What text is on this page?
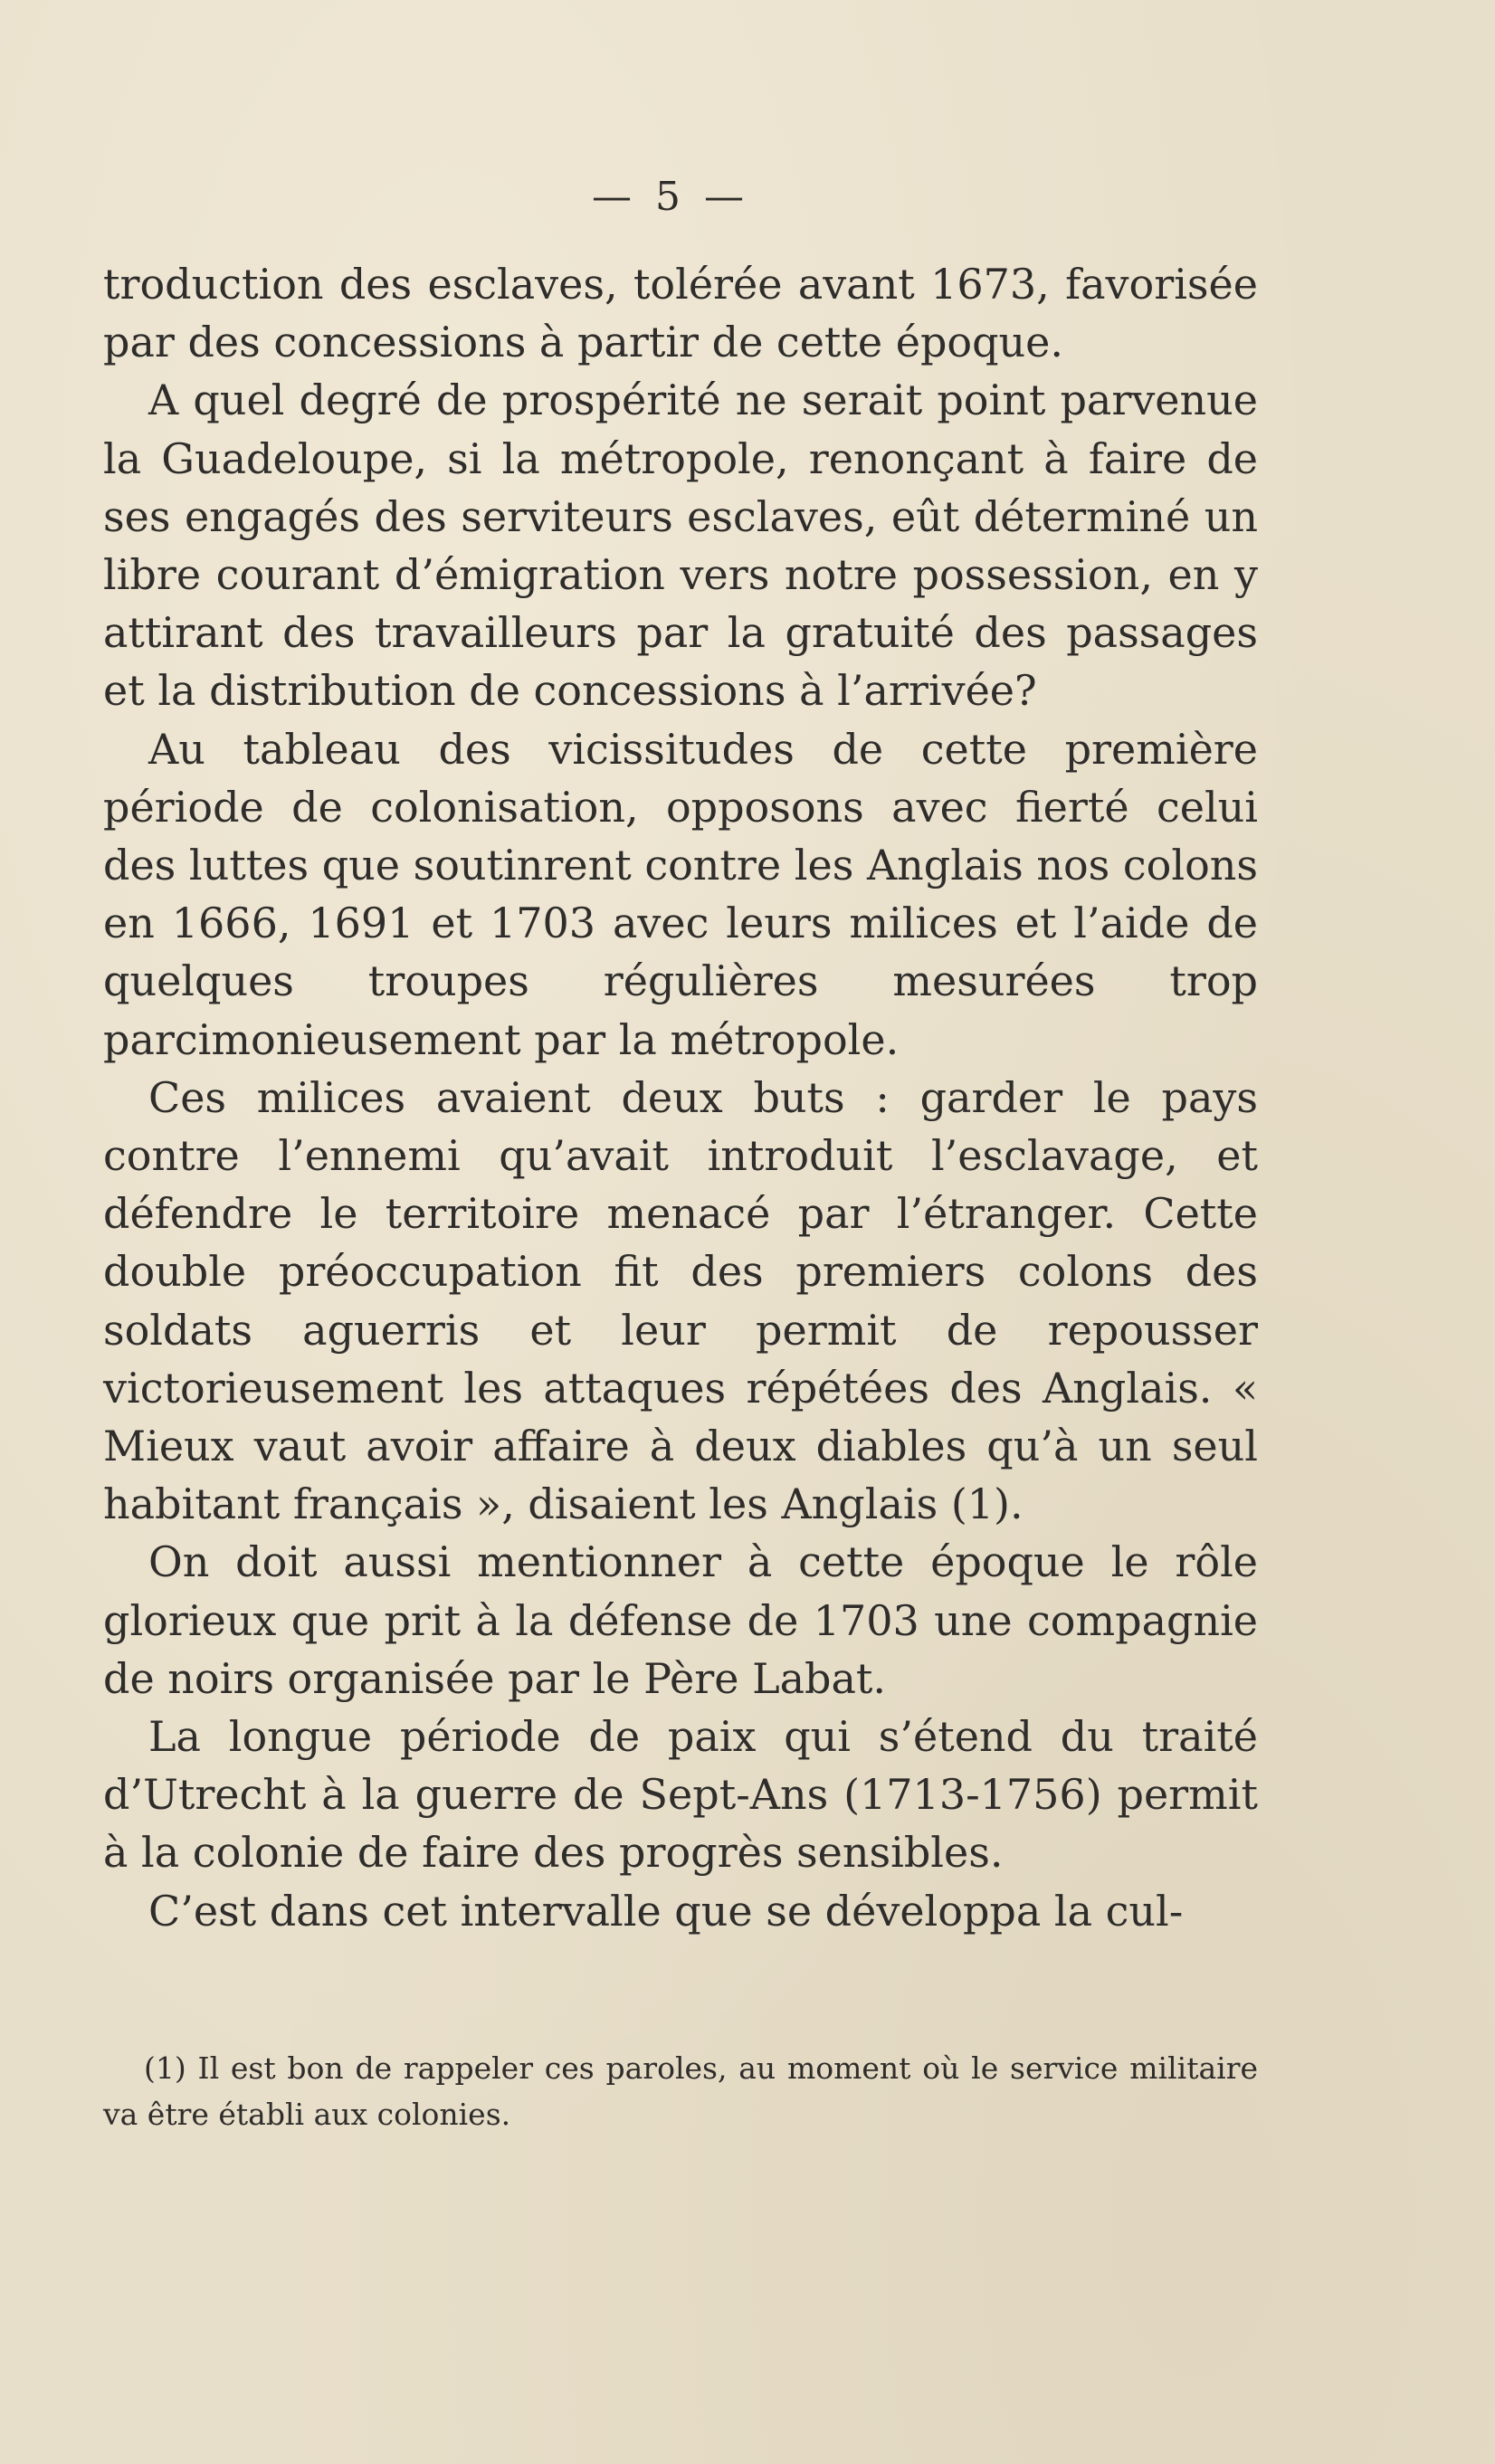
— 5 —

troduction des esclaves, tolérée avant 1673, favorisée par des concessions à partir de cette époque.

A quel degré de prospérité ne serait point parvenue la Guadeloupe, si la métropole, renonçant à faire de ses engagés des serviteurs esclaves, eût déterminé un libre courant d’émigration vers notre possession, en y attirant des travailleurs par la gratuité des passages et la distribution de concessions à l’arrivée?

Au tableau des vicissitudes de cette première période de colonisation, opposons avec fierté celui des luttes que soutinrent contre les Anglais nos colons en 1666, 1691 et 1703 avec leurs milices et l’aide de quelques troupes régulières mesurées trop parcimonieusement par la métropole.

Ces milices avaient deux buts : garder le pays contre l’ennemi qu’avait introduit l’esclavage, et défendre le territoire menacé par l’étranger. Cette double préoccupation fit des premiers colons des soldats aguerris et leur permit de repousser victorieusement les attaques répétées des Anglais. « Mieux vaut avoir affaire à deux diables qu’à un seul habitant français », disaient les Anglais (1).

On doit aussi mentionner à cette époque le rôle glorieux que prit à la défense de 1703 une compagnie de noirs organisée par le Père Labat.

La longue période de paix qui s’étend du traité d’Utrecht à la guerre de Sept-Ans (1713-1756) permit à la colonie de faire des progrès sensibles.

C’est dans cet intervalle que se développa la cul-

(1) Il est bon de rappeler ces paroles, au moment où le service militaire va être établi aux colonies.
